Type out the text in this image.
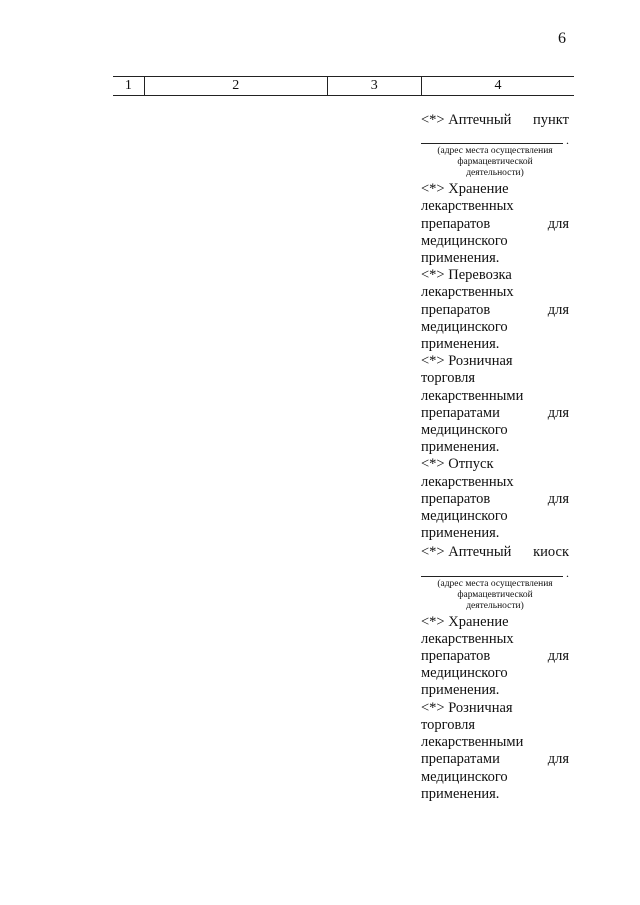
6
1	2	3	4
<*> Аптечный пункт
.
(адрес места осуществления
фармацевтической
деятельности)
<*> Хранение
лекарственных
препаратов	для
медицинского
применения.
<*> Перевозка
лекарственных
препаратов	для
медицинского
применения.
<*> Розничная
торговля
лекарственными
препаратами	для
медицинского
применения.
<*> Отпуск
лекарственных
препаратов	для
медицинского
применения.
<*> Аптечный киоск
.
(адрес места осуществления
фармацевтической
деятельности)
<*> Хранение
лекарственных
препаратов	для
медицинского
применения.
<*> Розничная
торговля
лекарственными
препаратами	для
медицинского
применения.
